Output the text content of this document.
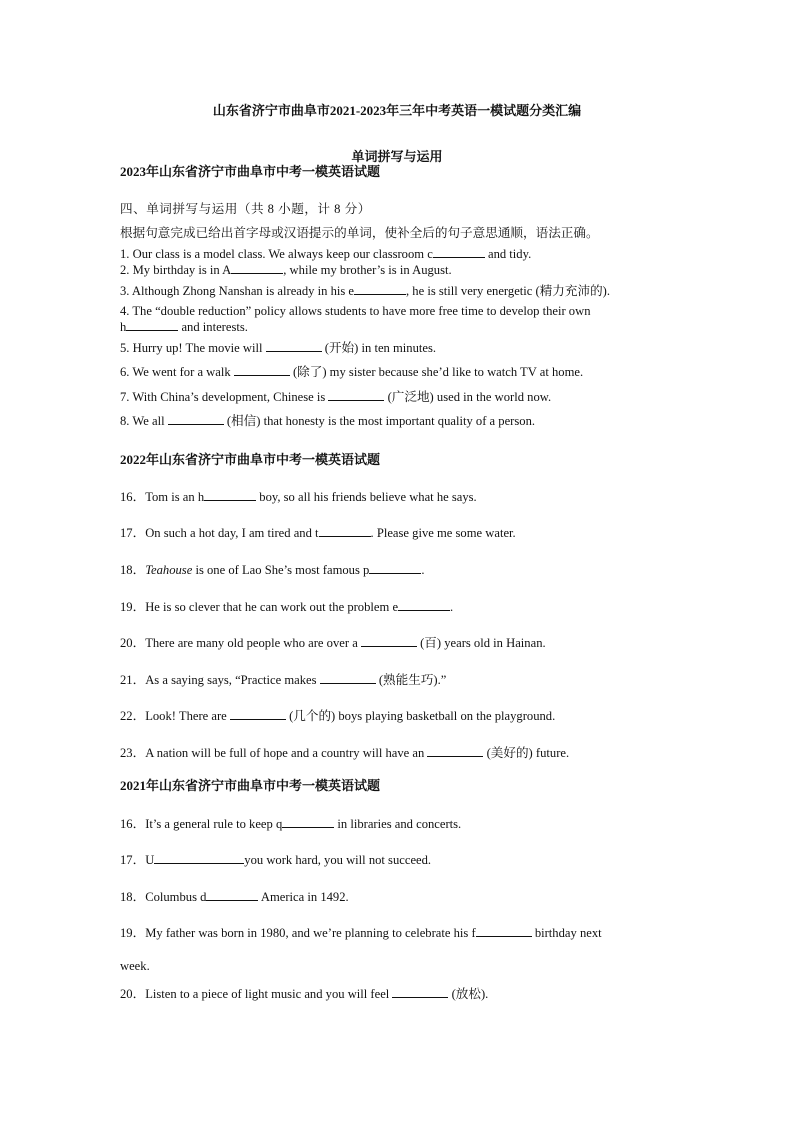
山东省济宁市曲阜市2021-2023年三年中考英语一模试题分类汇编
单词拼写与运用
2023年山东省济宁市曲阜市中考一模英语试题
四、单词拼写与运用（共 8 小题，计 8 分）
根据句意完成已给出首字母或汉语提示的单词，使补全后的句子意思通顺，语法正确。
1. Our class is a model class. We always keep our classroom c	and tidy.
2. My birthday is in A	, while my brother’s is in August.
3. Although Zhong Nanshan is already in his e	, he is still very energetic (精力充沛的).
4. The “double reduction” policy allows students to have more free time to develop their own
h	and interests.
5. Hurry up! The movie will	(开始) in ten minutes.
6. We went for a walk	(除了) my sister because she’d like to watch TV at home.
7. With China’s development, Chinese is	(广泛地) used in the world now.
8. We all	(相信) that honesty is the most important quality of a person.
2022年山东省济宁市曲阜市中考一模英语试题
16．Tom is an h	boy, so all his friends believe what he says.
17．On such a hot day, I am tired and t	. Please give me some water.
18．Teahouse is one of Lao She’s most famous p	.
19．He is so clever that he can work out the problem e	.
20．There are many old people who are over a	(百) years old in Hainan.
21．As a saying says, “Practice makes	(熟能生巧).”
22．Look! There are	(几个的) boys playing basketball on the playground.
23．A nation will be full of hope and a country will have an	(美好的) future.
2021年山东省济宁市曲阜市中考一模英语试题
16．It’s a general rule to keep q	in libraries and concerts.
17．U	you work hard, you will not succeed.
18．Columbus d	America in 1492.
19．My father was born in 1980, and we’re planning to celebrate his f	birthday next
week.
20．Listen to a piece of light music and you will feel	(放松).
